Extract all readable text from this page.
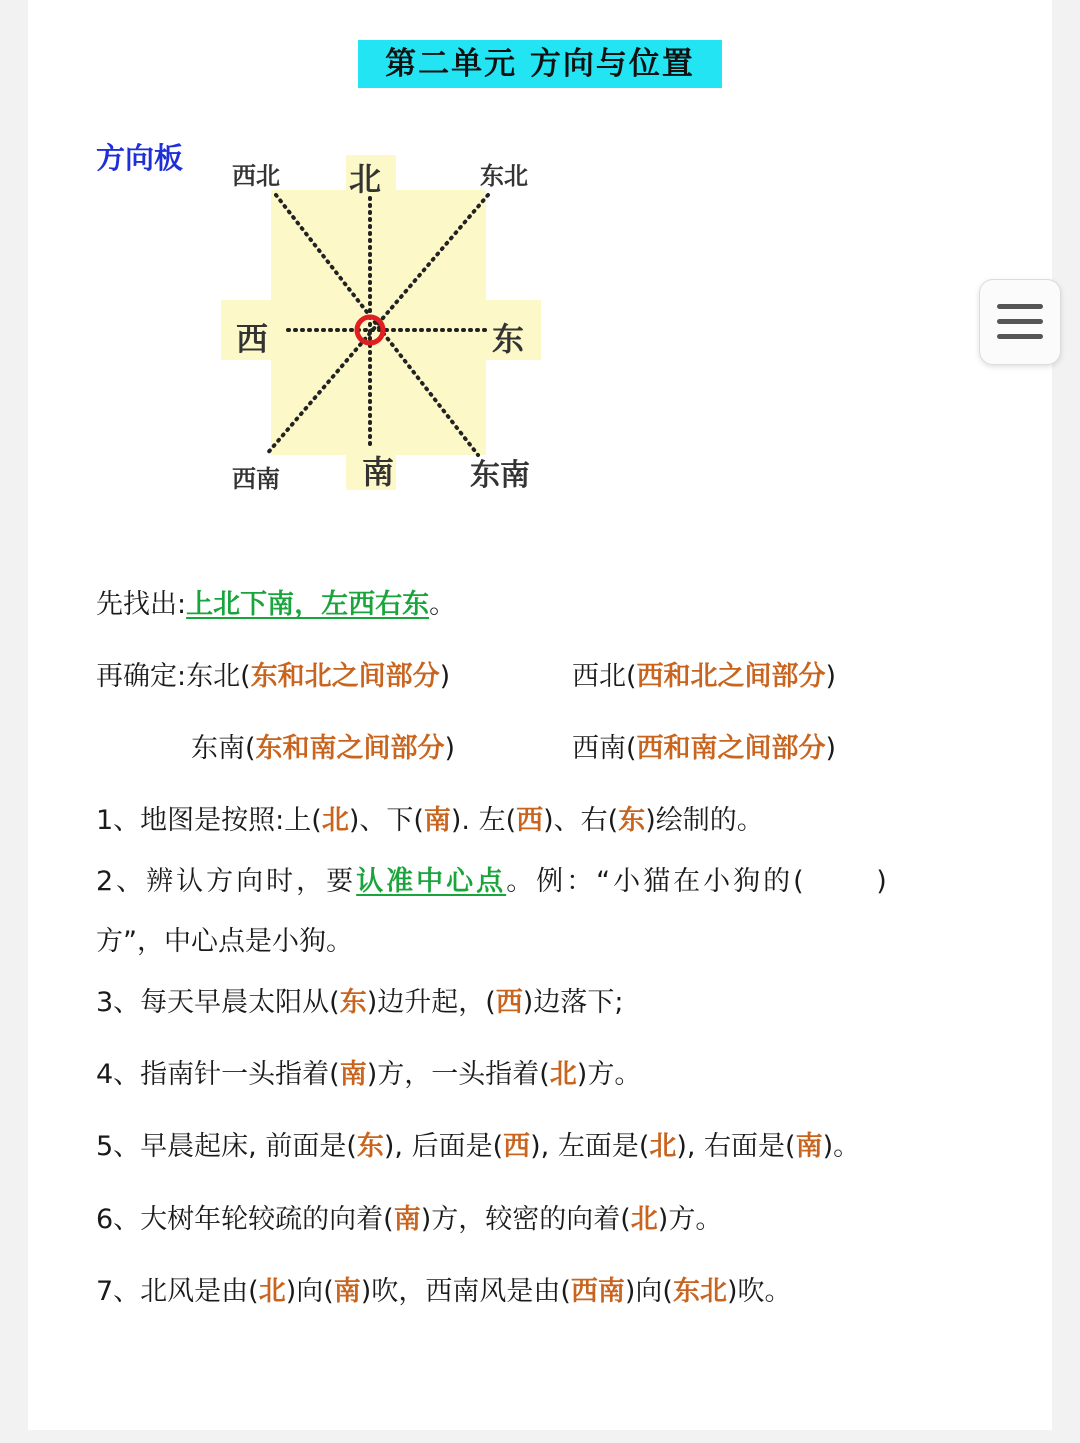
第二单元 方向与位置
方向板
西北 北	东北
西	东
西南	南	东南
先找出:上北下南，左西右东。
再确定:东北(东和北之间部分)	西北(西和北之间部分)
东南(东和南之间部分)	西南(西和南之间部分)
1、地图是按照:上(北)、下(南). 左(西)、右(东)绘制的。
2、辨认方向时，要认准中心点。例：“小猫在小狗的(	)
方”，中心点是小狗。
3、每天早晨太阳从(东)边升起，(西)边落下;
4、指南针一头指着(南)方，一头指着(北)方。
5、早晨起床, 前面是(东), 后面是(西), 左面是(北), 右面是(南)。
6、大树年轮较疏的向着(南)方，较密的向着(北)方。
7、北风是由(北)向(南)吹，西南风是由(西南)向(东北)吹。
